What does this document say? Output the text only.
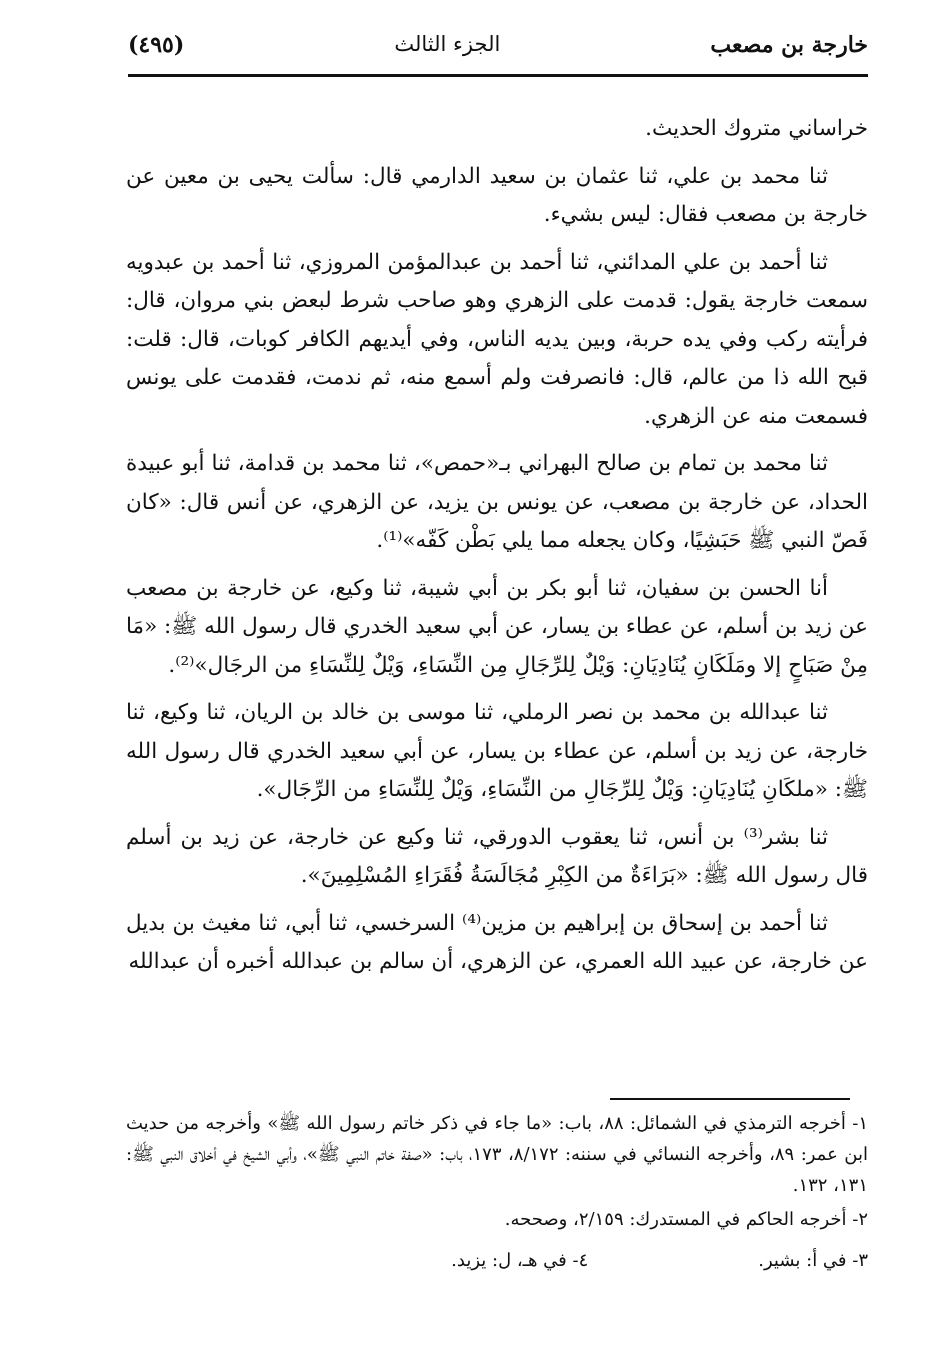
خارجة بن مصعب
الجزء الثالث
(٤٩٥)

خراساني متروك الحديث.

ثنا محمد بن علي، ثنا عثمان بن سعيد الدارمي قال: سألت يحيى بن معين عن خارجة بن مصعب فقال: ليس بشيء.

ثنا أحمد بن علي المدائني، ثنا أحمد بن عبدالمؤمن المروزي، ثنا أحمد بن عبدويه سمعت خارجة يقول: قدمت على الزهري وهو صاحب شرط لبعض بني مروان، قال: فرأيته ركب وفي يده حربة، وبين يديه الناس، وفي أيديهم الكافر كوبات، قال: قلت: قبح الله ذا من عالم، قال: فانصرفت ولم أسمع منه، ثم ندمت، فقدمت على يونس فسمعت منه عن الزهري.

ثنا محمد بن تمام بن صالح البهراني بـ«حمص»، ثنا محمد بن قدامة، ثنا أبو عبيدة الحداد، عن خارجة بن مصعب، عن يونس بن يزيد، عن الزهري، عن أنس قال: «كان فَصّ النبي ﷺ حَبَشِيًا، وكان يجعله مما يلي بَطْن كَفّه»⁽¹⁾.

أنا الحسن بن سفيان، ثنا أبو بكر بن أبي شيبة، ثنا وكيع، عن خارجة بن مصعب عن زيد بن أسلم، عن عطاء بن يسار، عن أبي سعيد الخدري قال رسول الله ﷺ: «مَا مِنْ صَبَاحٍ إلا ومَلَكَانِ يُنَادِيَانِ: وَيْلٌ لِلرِّجَالِ مِن النِّسَاءِ، وَيْلٌ لِلنِّسَاءِ من الرجَال»⁽²⁾.

ثنا عبدالله بن محمد بن نصر الرملي، ثنا موسى بن خالد بن الريان، ثنا وكيع، ثنا خارجة، عن زيد بن أسلم، عن عطاء بن يسار، عن أبي سعيد الخدري قال رسول الله ﷺ: «ملكَانِ يُنَادِيَانِ: وَيْلٌ لِلرِّجَالِ من النِّسَاءِ، وَيْلٌ لِلنِّسَاءِ من الرِّجَال».

ثنا بشر⁽³⁾ بن أنس، ثنا يعقوب الدورقي، ثنا وكيع عن خارجة، عن زيد بن أسلم قال رسول الله ﷺ: «بَرَاءَةٌ من الكِبْرِ مُجَالَسَةُ فُقَرَاءِ المُسْلِمِينَ».

ثنا أحمد بن إسحاق بن إبراهيم بن مزين⁽⁴⁾ السرخسي، ثنا أبي، ثنا مغيث بن بديل عن خارجة، عن عبيد الله العمري، عن الزهري، أن سالم بن عبدالله أخبره أن عبدالله

١- أخرجه الترمذي في الشمائل: ٨٨، باب: «ما جاء في ذكر خاتم رسول الله ﷺ» وأخرجه من حديث ابن عمر: ٨٩، وأخرجه النسائي في سننه: ٨/١٧٢، ١٧٣، باب: «صفة خاتم النبي ﷺ»، وأبي الشيخ في أخلاق النبي ﷺ: ١٣١، ١٣٢.

٢- أخرجه الحاكم في المستدرك: ٢/١٥٩، وصححه.

٣- في أ: بشير.
٤- في هـ، ل: يزيد.
